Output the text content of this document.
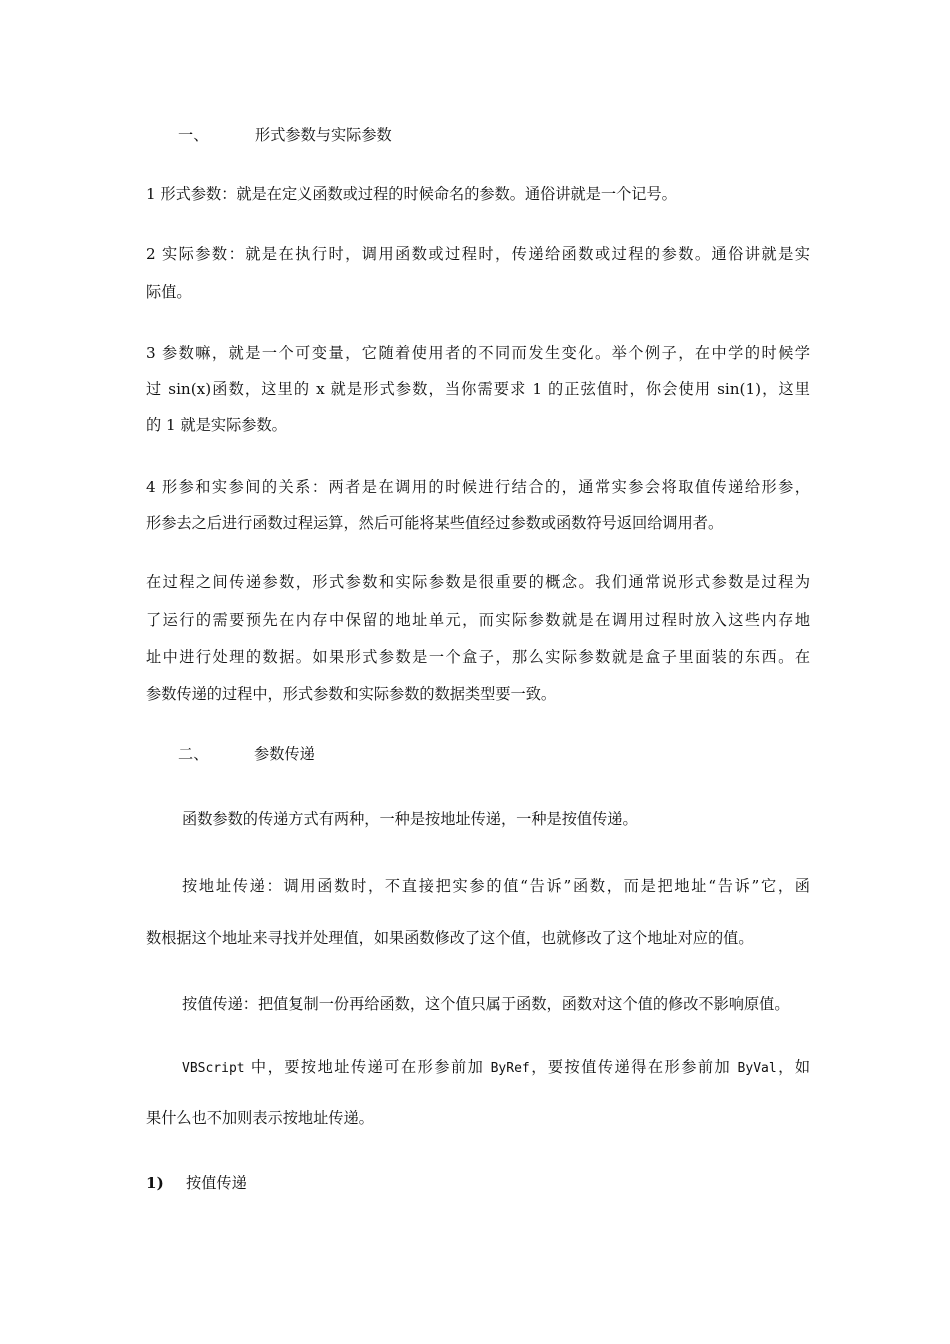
一、	形式参数与实际参数
1 形式参数：就是在定义函数或过程的时候命名的参数。通俗讲就是一个记号。
2 实际参数：就是在执行时，调用函数或过程时，传递给函数或过程的参数。通俗讲就是实
际值。
3 参数嘛，就是一个可变量，它随着使用者的不同而发生变化。举个例子，在中学的时候学
过 sin(x)函数，这里的 x 就是形式参数，当你需要求 1 的正弦值时，你会使用 sin(1)，这里
的 1 就是实际参数。
4 形参和实参间的关系：两者是在调用的时候进行结合的，通常实参会将取值传递给形参，
形参去之后进行函数过程运算，然后可能将某些值经过参数或函数符号返回给调用者。
在过程之间传递参数，形式参数和实际参数是很重要的概念。我们通常说形式参数是过程为
了运行的需要预先在内存中保留的地址单元，而实际参数就是在调用过程时放入这些内存地
址中进行处理的数据。如果形式参数是一个盒子，那么实际参数就是盒子里面装的东西。在
参数传递的过程中，形式参数和实际参数的数据类型要一致。
二、	参数传递
函数参数的传递方式有两种，一种是按地址传递，一种是按值传递。
按地址传递：调用函数时，不直接把实参的值“告诉”函数，而是把地址“告诉”它，函
数根据这个地址来寻找并处理值，如果函数修改了这个值，也就修改了这个地址对应的值。
按值传递：把值复制一份再给函数，这个值只属于函数，函数对这个值的修改不影响原值。
VBScript 中，要按地址传递可在形参前加 ByRef，要按值传递得在形参前加 ByVal，如
果什么也不加则表示按地址传递。
1) 按值传递
